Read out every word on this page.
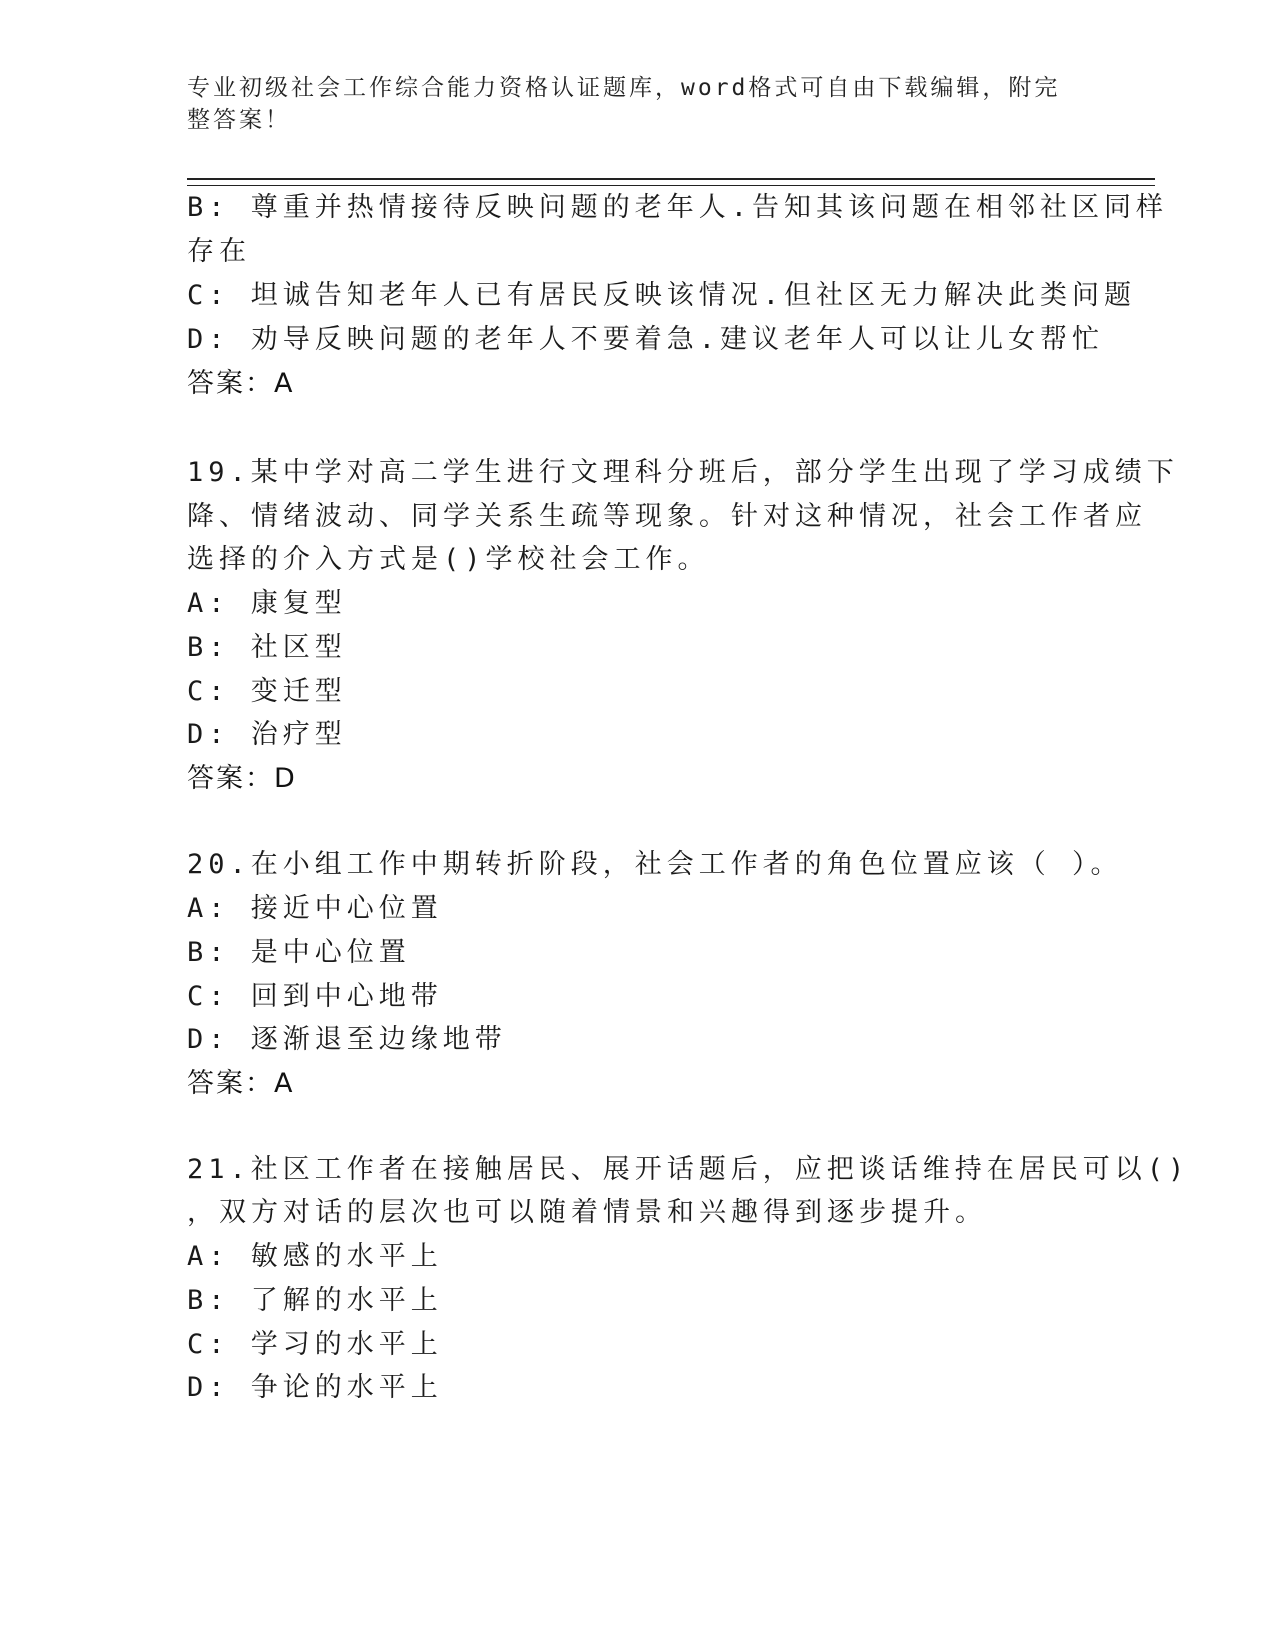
专业初级社会工作综合能力资格认证题库，word格式可自由下载编辑，附完整答案！
B: 尊重并热情接待反映问题的老年人.告知其该问题在相邻社区同样
存在
C: 坦诚告知老年人已有居民反映该情况.但社区无力解决此类问题
D: 劝导反映问题的老年人不要着急.建议老年人可以让儿女帮忙
答案：A
19.某中学对高二学生进行文理科分班后，部分学生出现了学习成绩下
降、情绪波动、同学关系生疏等现象。针对这种情况，社会工作者应
选择的介入方式是()学校社会工作。
A: 康复型
B: 社区型
C: 变迁型
D: 治疗型
答案：D
20.在小组工作中期转折阶段，社会工作者的角色位置应该（ ）。
A: 接近中心位置
B: 是中心位置
C: 回到中心地带
D: 逐渐退至边缘地带
答案：A
21.社区工作者在接触居民、展开话题后，应把谈话维持在居民可以()
，双方对话的层次也可以随着情景和兴趣得到逐步提升。
A: 敏感的水平上
B: 了解的水平上
C: 学习的水平上
D: 争论的水平上
